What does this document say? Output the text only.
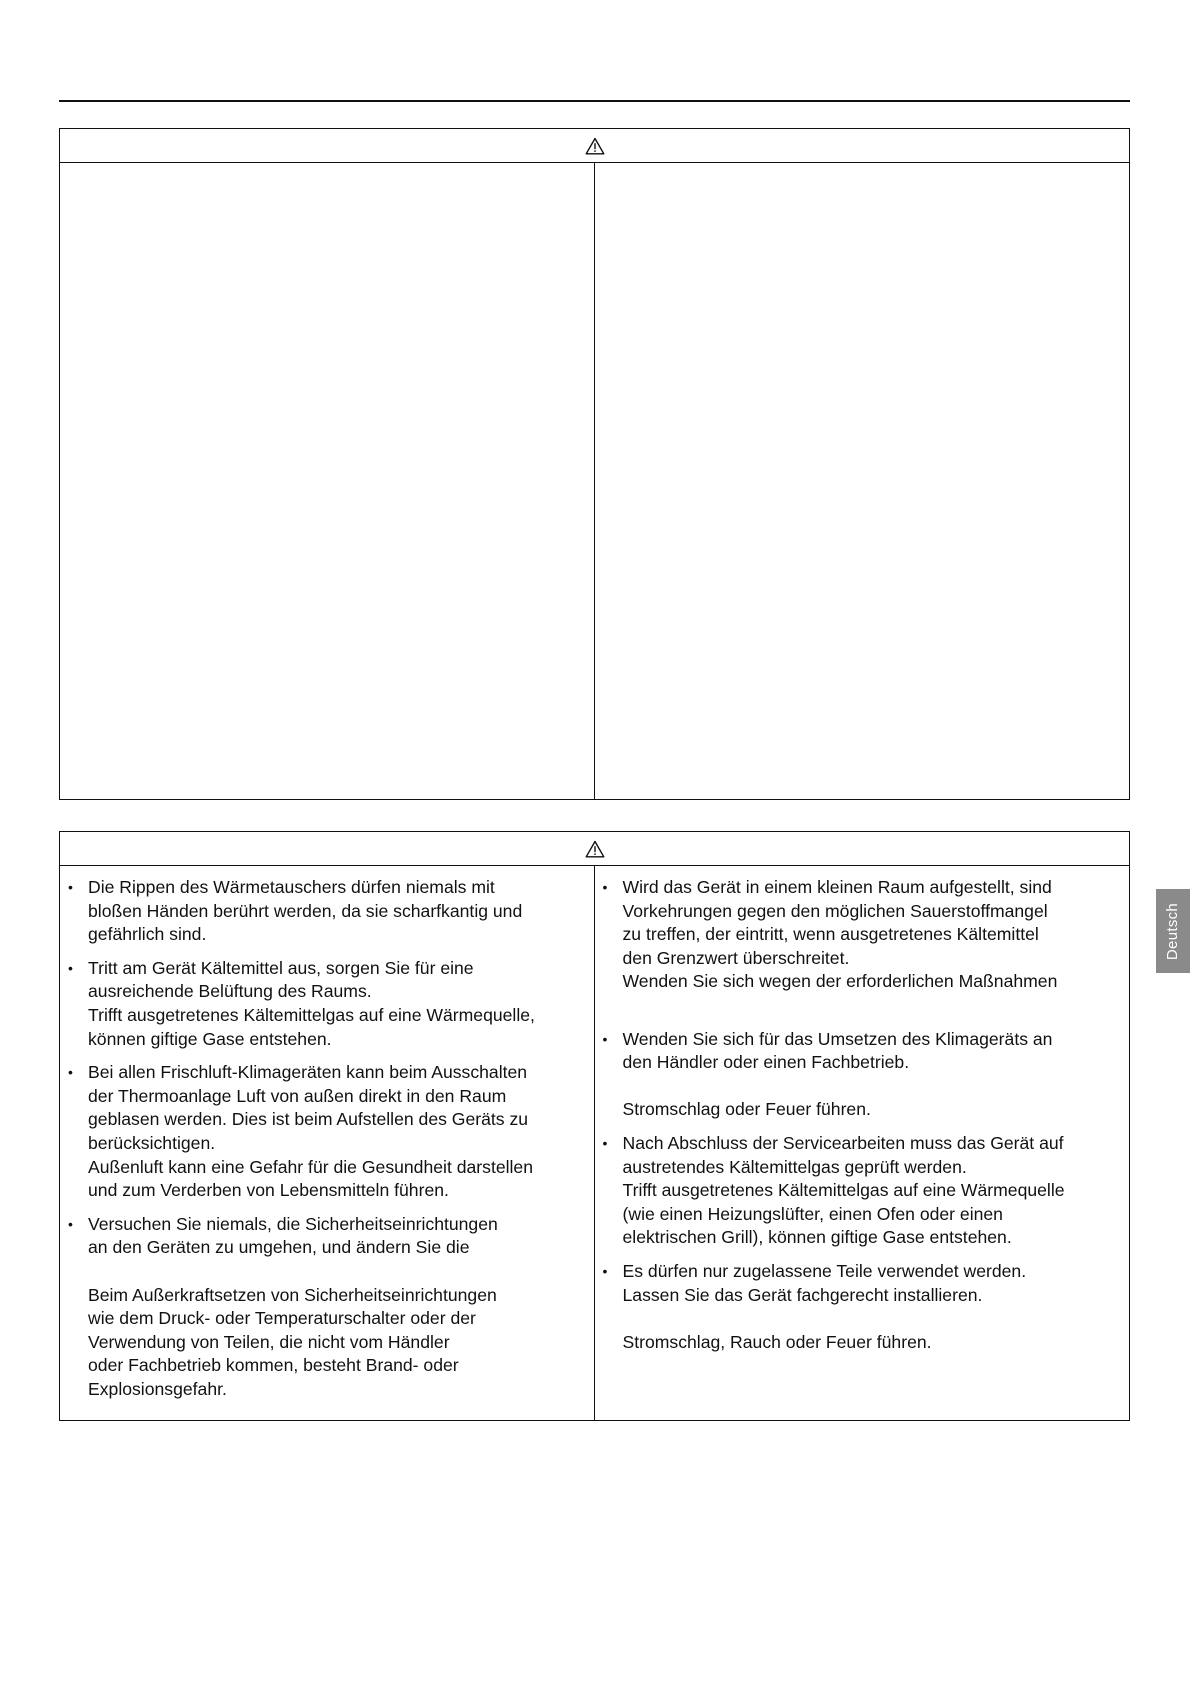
• Die Rippen des Wärmetauschers dürfen niemals mit
bloßen Händen berührt werden, da sie scharfkantig und
gefährlich sind.
• Tritt am Gerät Kältemittel aus, sorgen Sie für eine
ausreichende Belüftung des Raums.
Trifft ausgetretenes Kältemittelgas auf eine Wärmequelle,
können giftige Gase entstehen.
• Bei allen Frischluft-Klimageräten kann beim Ausschalten
der Thermoanlage Luft von außen direkt in den Raum
geblasen werden. Dies ist beim Aufstellen des Geräts zu
berücksichtigen.
Außenluft kann eine Gefahr für die Gesundheit darstellen
und zum Verderben von Lebensmitteln führen.
• Versuchen Sie niemals, die Sicherheitseinrichtungen
an den Geräten zu umgehen, und ändern Sie die
Beim Außerkraftsetzen von Sicherheitseinrichtungen
wie dem Druck- oder Temperaturschalter oder der
Verwendung von Teilen, die nicht vom Händler
oder Fachbetrieb kommen, besteht Brand- oder
Explosionsgefahr.
• Wird das Gerät in einem kleinen Raum aufgestellt, sind
Vorkehrungen gegen den möglichen Sauerstoffmangel
zu treffen, der eintritt, wenn ausgetretenes Kältemittel
den Grenzwert überschreitet.
Wenden Sie sich wegen der erforderlichen Maßnahmen
• Wenden Sie sich für das Umsetzen des Klimageräts an
den Händler oder einen Fachbetrieb.
Stromschlag oder Feuer führen.
• Nach Abschluss der Servicearbeiten muss das Gerät auf
austretendes Kältemittelgas geprüft werden.
Trifft ausgetretenes Kältemittelgas auf eine Wärmequelle
(wie einen Heizungslüfter, einen Ofen oder einen
elektrischen Grill), können giftige Gase entstehen.
• Es dürfen nur zugelassene Teile verwendet werden.
Lassen Sie das Gerät fachgerecht installieren.
Stromschlag, Rauch oder Feuer führen.
Deutsch
